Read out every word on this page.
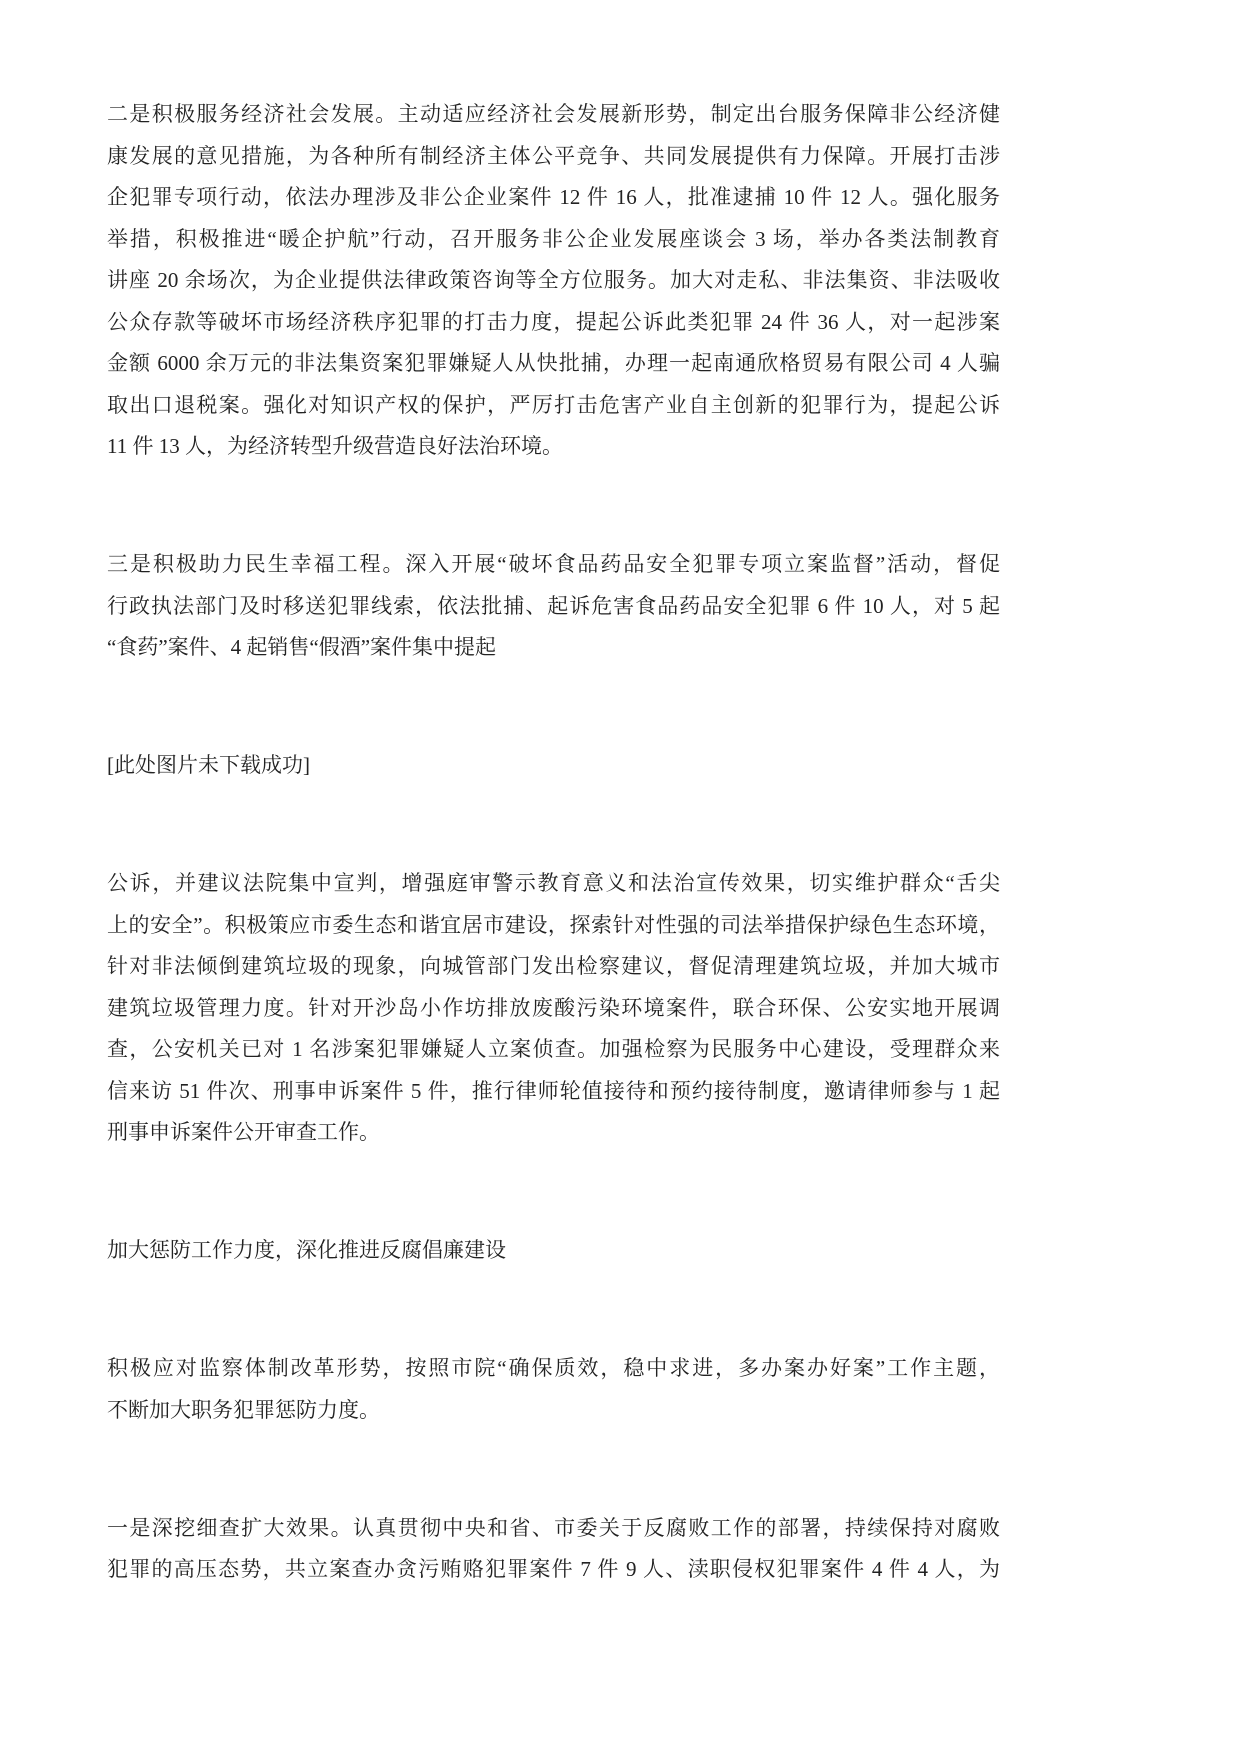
二是积极服务经济社会发展。主动适应经济社会发展新形势，制定出台服务保障非公经济健
康发展的意见措施，为各种所有制经济主体公平竞争、共同发展提供有力保障。开展打击涉
企犯罪专项行动，依法办理涉及非公企业案件 12 件 16 人，批准逮捕 10 件 12 人。强化服务
举措，积极推进“暖企护航”行动，召开服务非公企业发展座谈会 3 场，举办各类法制教育
讲座 20 余场次，为企业提供法律政策咨询等全方位服务。加大对走私、非法集资、非法吸收
公众存款等破坏市场经济秩序犯罪的打击力度，提起公诉此类犯罪 24 件 36 人，对一起涉案
金额 6000 余万元的非法集资案犯罪嫌疑人从快批捕，办理一起南通欣格贸易有限公司 4 人骗
取出口退税案。强化对知识产权的保护，严厉打击危害产业自主创新的犯罪行为，提起公诉
11 件 13 人，为经济转型升级营造良好法治环境。
三是积极助力民生幸福工程。深入开展“破坏食品药品安全犯罪专项立案监督”活动，督促
行政执法部门及时移送犯罪线索，依法批捕、起诉危害食品药品安全犯罪 6 件 10 人，对 5 起
“食药”案件、4 起销售“假酒”案件集中提起
[此处图片未下载成功]
公诉，并建议法院集中宣判，增强庭审警示教育意义和法治宣传效果，切实维护群众“舌尖
上的安全”。积极策应市委生态和谐宜居市建设，探索针对性强的司法举措保护绿色生态环境，
针对非法倾倒建筑垃圾的现象，向城管部门发出检察建议，督促清理建筑垃圾，并加大城市
建筑垃圾管理力度。针对开沙岛小作坊排放废酸污染环境案件，联合环保、公安实地开展调
查，公安机关已对 1 名涉案犯罪嫌疑人立案侦查。加强检察为民服务中心建设，受理群众来
信来访 51 件次、刑事申诉案件 5 件，推行律师轮值接待和预约接待制度，邀请律师参与 1 起
刑事申诉案件公开审查工作。
加大惩防工作力度，深化推进反腐倡廉建设
积极应对监察体制改革形势，按照市院“确保质效，稳中求进，多办案办好案”工作主题，
不断加大职务犯罪惩防力度。
一是深挖细查扩大效果。认真贯彻中央和省、市委关于反腐败工作的部署，持续保持对腐败
犯罪的高压态势，共立案查办贪污贿赂犯罪案件 7 件 9 人、渎职侵权犯罪案件 4 件 4 人，为
